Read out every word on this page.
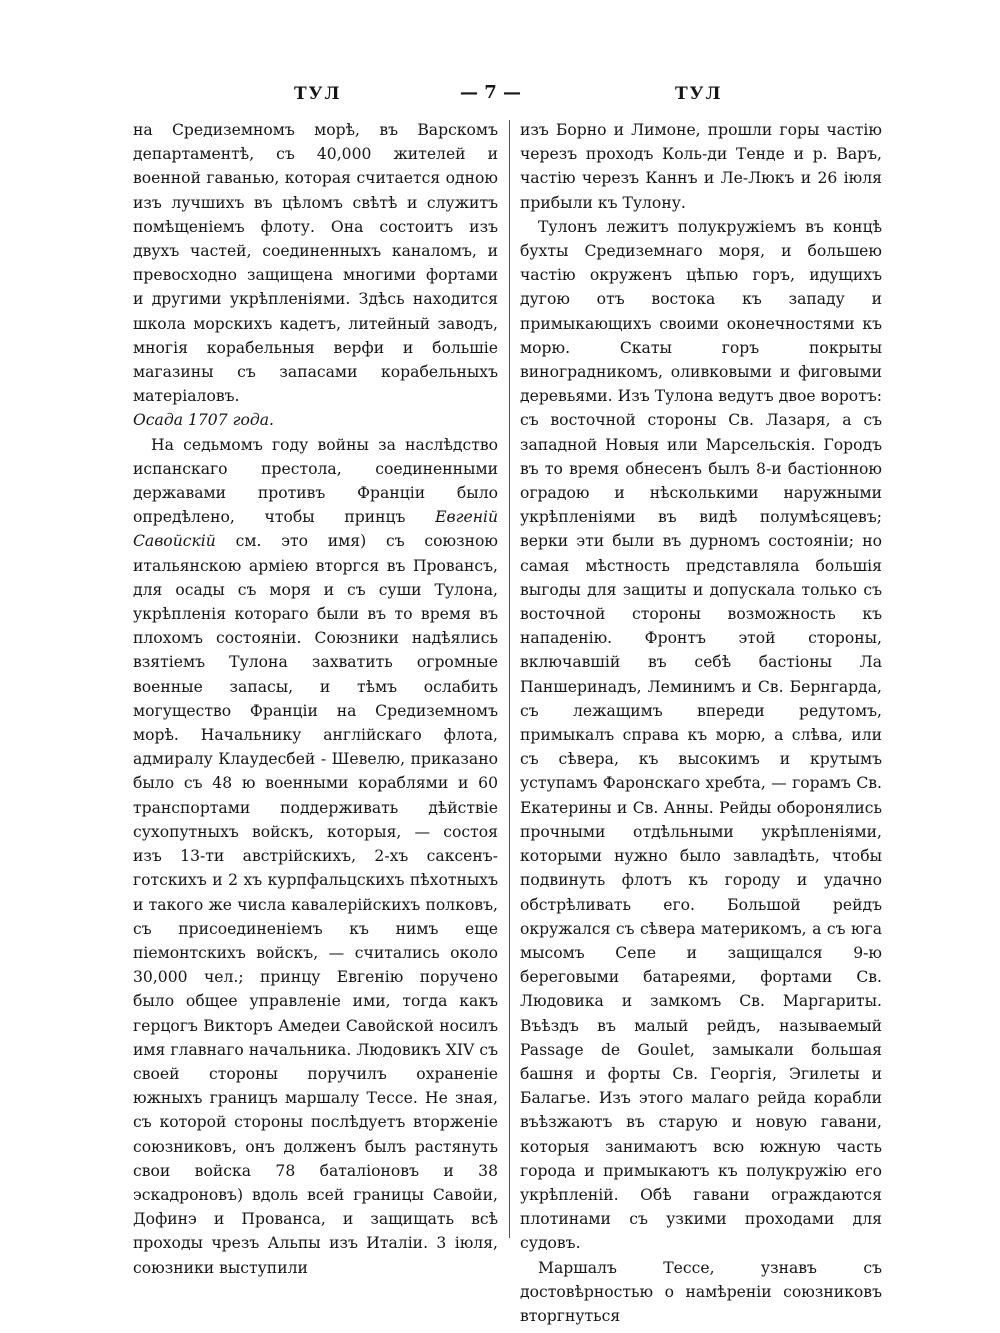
ТУЛ	— 7 —	ТУЛ

на Средиземномъ морѣ, въ Варскомъ департаментѣ, съ 40,000 жителей и военной гаванью, которая считается одною изъ лучшихъ въ цѣломъ свѣтѣ и служитъ помѣщеніемъ флоту. Она состоитъ изъ двухъ частей, соединенныхъ каналомъ, и превосходно защищена многими фортами и другими укрѣпленіями. Здѣсь находится школа морскихъ кадетъ, литейный заводъ, многія корабельныя верфи и большіе магазины съ запасами корабельныхъ матеріаловъ.

Осада 1707 года.

На седьмомъ году войны за наслѣдство испанскаго престола, соединенными державами противъ Франціи было опредѣлено, чтобы принцъ Евгеній Савойскій см. это имя) съ союзною итальянскою арміею вторгся въ Провансъ, для осады съ моря и съ суши Тулона, укрѣпленія котораго были въ то время въ плохомъ состояніи. Союзники надѣялись взятіемъ Тулона захватить огромные военные запасы, и тѣмъ ослабить могущество Франціи на Средиземномъ морѣ. Начальнику англійскаго флота, адмиралу Клаудесбей - Шевелю, приказано было съ 48 ю военными кораблями и 60 транспортами поддерживать дѣйствіе сухопутныхъ войскъ, которыя, — состоя изъ 13-ти австрійскихъ, 2-хъ саксенъ-готскихъ и 2 хъ курпфальцскихъ пѣхотныхъ и такого же числа кавалерійскихъ полковъ, съ присоединеніемъ къ нимъ еще піемонтскихъ войскъ, — считались около 30,000 чел.; принцу Евгенію поручено было общее управленіе ими, тогда какъ герцогъ Викторъ Амедеи Савойской носилъ имя главнаго начальника. Людовикъ XIV съ своей стороны поручилъ охраненіе южныхъ границъ маршалу Тессе. Не зная, съ которой стороны послѣдуетъ вторженіе союзниковъ, онъ долженъ былъ растянуть свои войска 78 баталіоновъ и 38 эскадроновъ) вдоль всей границы Савойи, Дофинэ и Прованса, и защищать всѣ проходы чрезъ Альпы изъ Италіи. 3 іюля, союзники выступили

изъ Борно и Лимоне, прошли горы частію черезъ проходъ Коль-ди Тенде и р. Варъ, частію черезъ Каннъ и Ле-Люкъ и 26 іюля прибыли къ Тулону.

Тулонъ лежитъ полукружіемъ въ концѣ бухты Средиземнаго моря, и большею частію окруженъ цѣпью горъ, идущихъ дугою отъ востока къ западу и примыкающихъ своими оконечностями къ морю. Скаты горъ покрыты виноградникомъ, оливковыми и фиговыми деревьями. Изъ Тулона ведутъ двое воротъ: съ восточной стороны Св. Лазаря, а съ западной Новыя или Марсельскія. Городъ въ то время обнесенъ былъ 8-и бастіонною оградою и нѣсколькими наружными укрѣпленіями въ видѣ полумѣсяцевъ; верки эти были въ дурномъ состояніи; но самая мѣстность представляла большія выгоды для защиты и допускала только съ восточной стороны возможность къ нападенію. Фронтъ этой стороны, включавшій въ себѣ бастіоны Ла Паншеринадъ, Леминимъ и Св. Бернгарда, съ лежащимъ впереди редутомъ, примыкалъ справа къ морю, а слѣва, или съ сѣвера, къ высокимъ и крутымъ уступамъ Фаронскаго хребта, — горамъ Св. Екатерины и Св. Анны. Рейды оборонялись прочными отдѣльными укрѣпленіями, которыми нужно было завладѣть, чтобы подвинуть флотъ къ городу и удачно обстрѣливать его. Большой рейдъ окружался съ сѣвера материкомъ, а съ юга мысомъ Сепе и защищался 9-ю береговыми батареями, фортами Св. Людовика и замкомъ Св. Маргариты. Въѣздъ въ малый рейдъ, называемый Passage de Goulet, замыкали большая башня и форты Св. Георгія, Эгилеты и Балагье. Изъ этого малаго рейда корабли въѣзжаютъ въ старую и новую гавани, которыя занимаютъ всю южную часть города и примыкаютъ къ полукружію его укрѣпленій. Обѣ гавани ограждаются плотинами съ узкими проходами для судовъ.

Маршалъ Тессе, узнавъ съ достовѣрностью о намѣреніи союзниковъ вторгнуться
